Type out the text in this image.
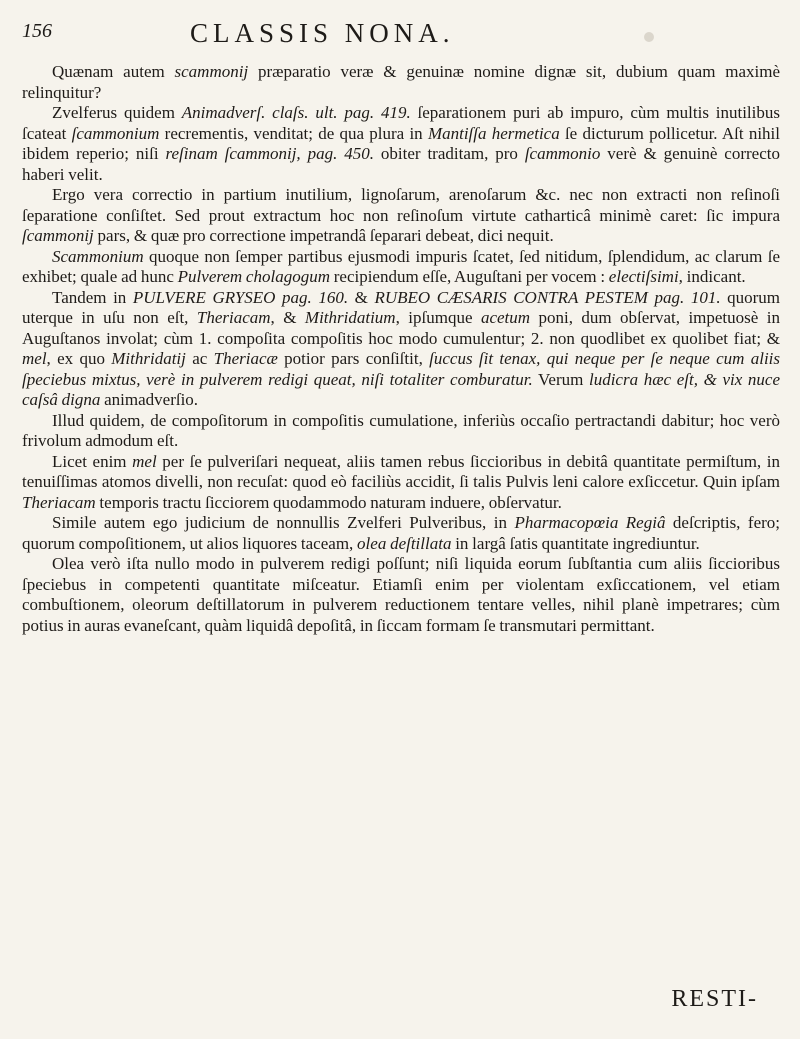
156	CLASSIS NONA.

Quænam autem scammonij præparatio veræ & genuinæ nomine dignæ sit, dubium quam maximè relinquitur?

Zvelferus quidem Animadverſ. claſs. ult. pag. 419. ſeparationem puri ab impuro, cùm multis inutilibus ſcateat ſcammonium recrementis, venditat; de qua plura in Mantiſſa hermetica ſe dicturum pollicetur. Aſt nihil ibidem reperio; niſi reſinam ſcammonij, pag. 450. obiter traditam, pro ſcammonio verè & genuinè correcto haberi velit.

Ergo vera correctio in partium inutilium, lignoſarum, arenoſarum &c. nec non extracti non reſinoſi ſeparatione conſiſtet. Sed prout extractum hoc non reſinoſum virtute catharticâ minimè caret: ſic impura ſcammonij pars, & quæ pro correctione impetrandâ ſeparari debeat, dici nequit.

Scammonium quoque non ſemper partibus ejusmodi impuris ſcatet, ſed nitidum, ſplendidum, ac clarum ſe exhibet; quale ad hunc Pulverem cholagogum recipiendum eſſe, Auguſtani per vocem : electiſsimi, indicant.

Tandem in PULVERE GRYSEO pag. 160. & RUBEO CÆSARIS CONTRA PESTEM pag. 101. quorum uterque in uſu non eſt, Theriacam, & Mithridatium, ipſumque acetum poni, dum obſervat, impetuosè in Auguſtanos involat; cùm 1. compoſita compoſitis hoc modo cumulentur; 2. non quodlibet ex quolibet fiat; & mel, ex quo Mithridatij ac Theriacæ potior pars conſiſtit, ſuccus ſit tenax, qui neque per ſe neque cum aliis ſpeciebus mixtus, verè in pulverem redigi queat, niſi totaliter comburatur. Verum ludicra hæc eſt, & vix nuce caſsâ digna animadverſio.

Illud quidem, de compoſitorum in compoſitis cumulatione, inferiùs occaſio pertractandi dabitur; hoc verò frivolum admodum eſt.

Licet enim mel per ſe pulveriſari nequeat, aliis tamen rebus ſiccioribus in debitâ quantitate permiſtum, in tenuiſſimas atomos divelli, non recuſat: quod eò faciliùs accidit, ſi talis Pulvis leni calore exſiccetur. Quin ipſam Theriacam temporis tractu ſicciorem quodammodo naturam induere, obſervatur.

Simile autem ego judicium de nonnullis Zvelferi Pulveribus, in Pharmacopœia Regiâ deſcriptis, fero; quorum compoſitionem, ut alios liquores taceam, olea deſtillata in largâ ſatis quantitate ingrediuntur.

Olea verò iſta nullo modo in pulverem redigi poſſunt; niſi liquida eorum ſubſtantia cum aliis ſiccioribus ſpeciebus in competenti quantitate miſceatur. Etiamſi enim per violentam exſiccationem, vel etiam combuſtionem, oleorum deſtillatorum in pulverem reductionem tentare velles, nihil planè impetrares; cùm potius in auras evaneſcant, quàm liquidâ depoſitâ, in ſiccam formam ſe transmutari permittant.

RESTI-
